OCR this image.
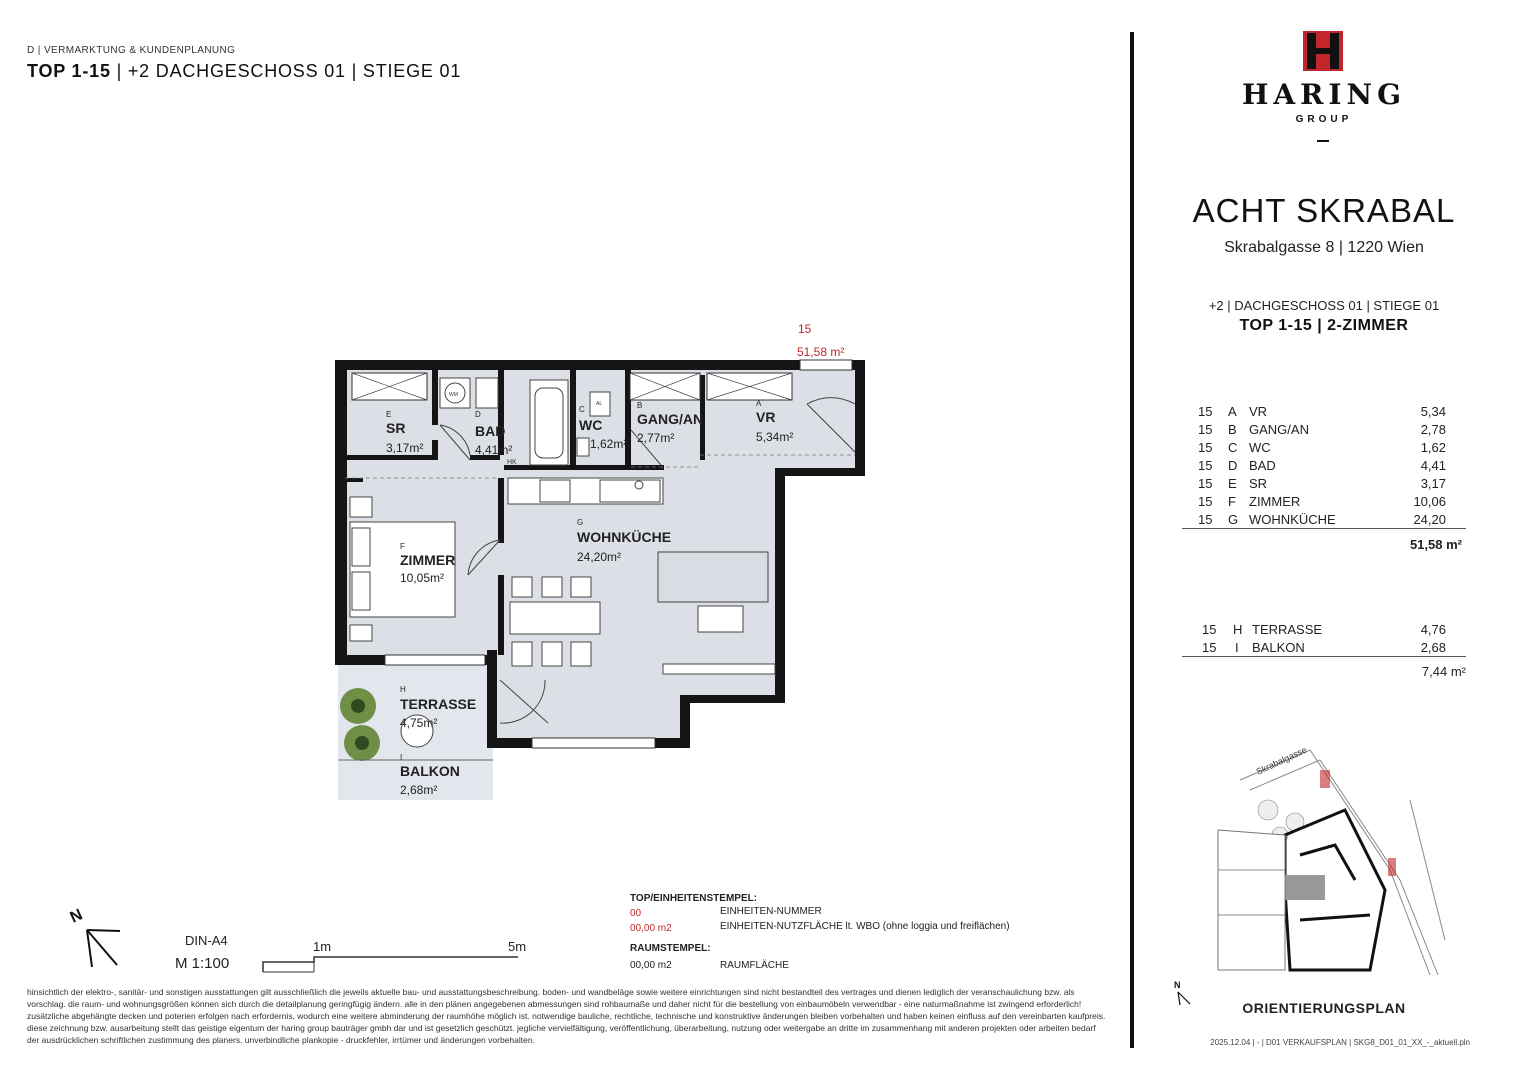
D | VERMARKTUNG & KUNDENPLANUNG
TOP 1-15 | +2 DACHGESCHOSS 01 | STIEGE 01
15
51,58 m²
WM
AL
HK
E
SR
3,17m²
D
BAD
4,41m²
C
WC
1,62m²
B
GANG/AN
2,77m²
A
VR
5,34m²
F
ZIMMER
10,05m²
G
WOHNKÜCHE
24,20m²
H
TERRASSE
4,75m²
I
BALKON
2,68m²
N
DIN-A4
M 1:100
1m	5m
TOP/EINHEITENSTEMPEL:
00	EINHEITEN-NUMMER
00,00 m2	EINHEITEN-NUTZFLÄCHE lt. WBO (ohne loggia und freiflächen)
RAUMSTEMPEL:
00,00 m2	RAUMFLÄCHE
hinsichtlich der elektro-, sanitär- und sonstigen ausstattungen gilt ausschließlich die jeweils aktuelle bau- und ausstattungsbeschreibung. boden- und wandbeläge sowie weitere einrichtungen sind nicht bestandteil des vertrages und dienen lediglich der veranschaulichung bzw. als vorschlag. die raum- und wohnungsgrößen können sich durch die detailplanung geringfügig ändern. alle in den plänen angegebenen abmessungen sind rohbaumaße und daher nicht für die bestellung von einbaumöbeln verwendbar - eine naturmaßnahme ist zwingend erforderlich! zusätzliche abgehängte decken und poterien erfolgen nach erfordernis, wodurch eine weitere abminderung der raumhöhe möglich ist. notwendige bauliche, rechtliche, technische und konstruktive änderungen bleiben vorbehalten und haben keinen einfluss auf den vereinbarten kaufpreis. diese zeichnung bzw. ausarbeitung stellt das geistige eigentum der haring group bauträger gmbh dar und ist gesetzlich geschützt. jegliche vervielfältigung, veröffentlichung, überarbeitung, nutzung oder weitergabe an dritte im zusammenhang mit anderen projekten oder arbeiten bedarf der ausdrücklichen schriftlichen zustimmung des planers. unverbindliche plankopie - druckfehler, irrtümer und änderungen vorbehalten.
HARING
GROUP
ACHT SKRABAL
Skrabalgasse 8 | 1220 Wien
+2 | DACHGESCHOSS 01 | STIEGE 01
TOP 1-15 | 2-ZIMMER
15 A VR	5,34
15 B GANG/AN	2,78
15 C WC	1,62
15 D BAD	4,41
15 E SR	3,17
15 F ZIMMER	10,06
15 G WOHNKÜCHE	24,20
51,58 m²
15 H TERRASSE	4,76
15 I BALKON	2,68
7,44 m²
Skrabalgasse
N
ORIENTIERUNGSPLAN
2025.12.04 | - | D01 VERKAUFSPLAN | SKG8_D01_01_XX_-_aktuell.pln
